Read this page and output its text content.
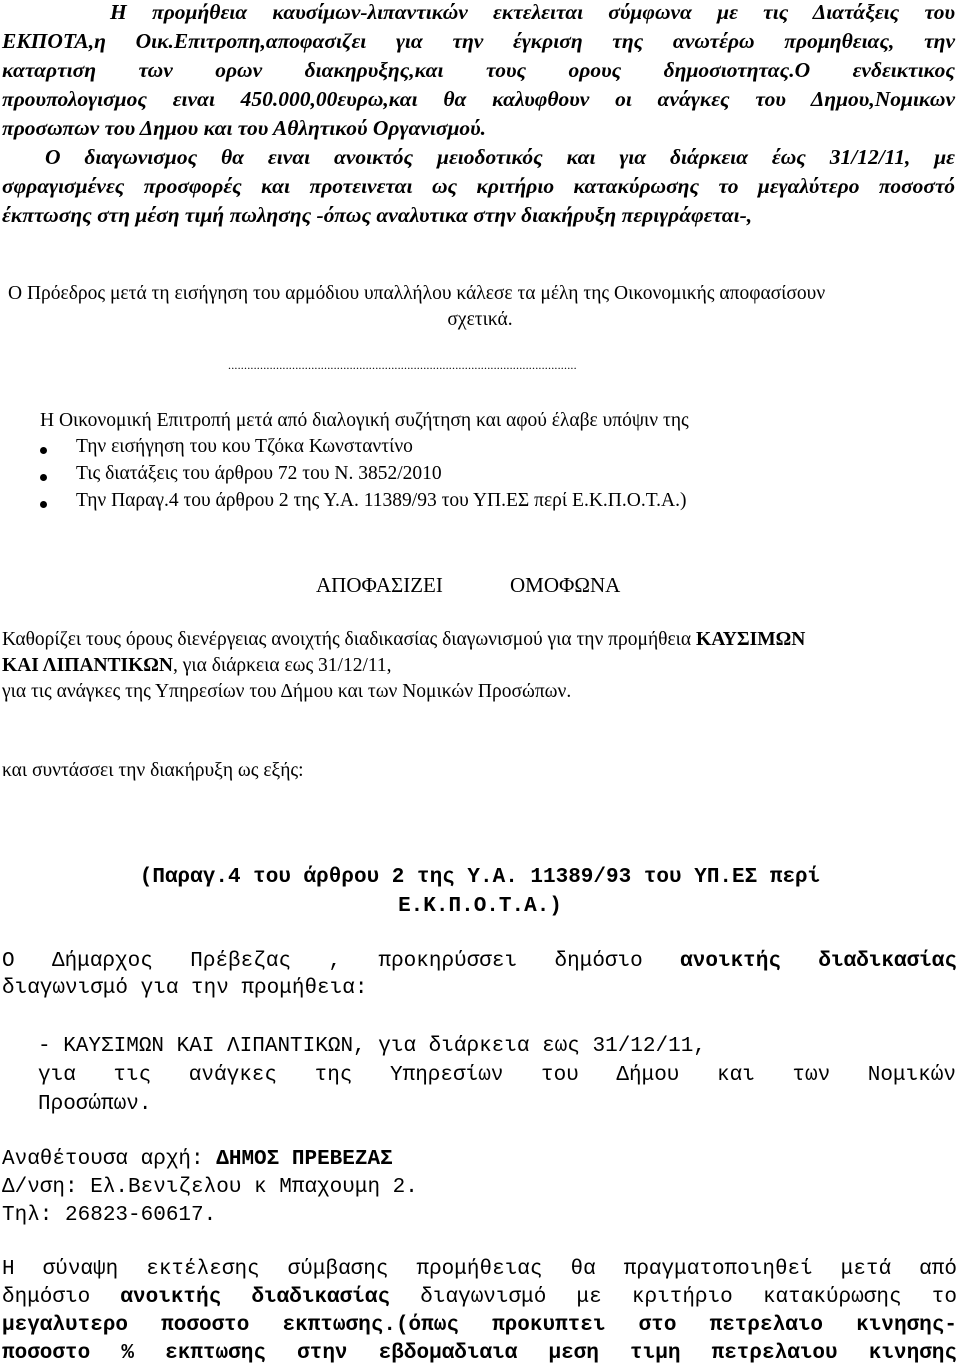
Η προμήθεια καυσίμων-λιπαντικών εκτελειται σύμφωνα με τις Διατάξεις του

ΕΚΠΟΤΑ,η Οικ.Επιτροπη,αποφασιζει για την έγκριση της ανωτέρω προμηθειας, την

καταρτιση των ορων διακηρυξης,και τους ορους δημοσιοτητας.Ο ενδεικτικος

προυπολογισμος ειναι 450.000,00ευρω,και θα καλυφθουν οι ανάγκες του Δημου,Νομικων

προσωπων του Δημου και του Αθλητικού Οργανισμού.

Ο διαγωνισμος θα ειναι ανοικτός μειοδοτικός και για διάρκεια έως 31/12/11, με

σφραγισμένες προσφορές και προτεινεται ως κριτήριο κατακύρωσης το μεγαλύτερο ποσοστό

έκπτωσης στη μέση τιμή πωλησης -όπως αναλυτικα στην διακήρυξη περιγράφεται-,

Ο Πρόεδρος μετά τη εισήγηση του αρμόδιου υπαλλήλου κάλεσε τα μέλη της Οικονομικής αποφασίσουν

σχετικά.

.............................................................................................................

Η Οικονομική Επιτροπή μετά από διαλογική συζήτηση και αφού έλαβε υπόψιν της

Την εισήγηση του κου Τζόκα Κωνσταντίνο

Τις διατάξεις του άρθρου 72 του Ν. 3852/2010

Την Παραγ.4 του άρθρου 2 της Υ.Α. 11389/93 του ΥΠ.ΕΣ περί Ε.Κ.Π.Ο.Τ.Α.)

ΑΠΟΦΑΣΙΖΕΙ	ΟΜΟΦΩΝΑ

Καθορίζει τους όρους διενέργειας ανοιχτής διαδικασίας διαγωνισμού για την προμήθεια ΚΑΥΣΙΜΩΝ

ΚΑΙ ΛΙΠΑΝΤΙΚΩΝ, για διάρκεια εως 31/12/11,

για τις ανάγκες της Υπηρεσίων του Δήμου και των Νομικών Προσώπων.

και συντάσσει την διακήρυξη ως εξής:

(Παραγ.4 του άρθρου 2 της Υ.Α. 11389/93 του ΥΠ.ΕΣ περί

Ε.Κ.Π.Ο.Τ.Α.)

Ο Δήμαρχος Πρέβεζας , προκηρύσσει δημόσιο ανοικτής διαδικασίας

διαγωνισμό για την προμήθεια:

- ΚΑΥΣΙΜΩΝ ΚΑΙ ΛΙΠΑΝΤΙΚΩΝ, για διάρκεια εως 31/12/11,

για τις ανάγκες της Υπηρεσίων του Δήμου και των Νομικών

Προσώπων.

Αναθέτουσα αρχή: ΔΗΜΟΣ ΠΡΕΒΕΖΑΣ

Δ/νση: Ελ.Βενιζελου κ Μπαχουμη 2.

Τηλ: 26823-60617.

Η σύναψη εκτέλεσης σύμβασης προμήθειας θα πραγματοποιηθεί μετά από

δημόσιο ανοικτής διαδικασίας διαγωνισμό με κριτήριο κατακύρωσης το

μεγαλυτερο ποσοστο εκπτωσης.(όπως προκυπτει στο πετρελαιο κινησης-

ποσοστο % εκπτωσης στην εβδομαδιαια μεση τιμη πετρελαιου κινησης
